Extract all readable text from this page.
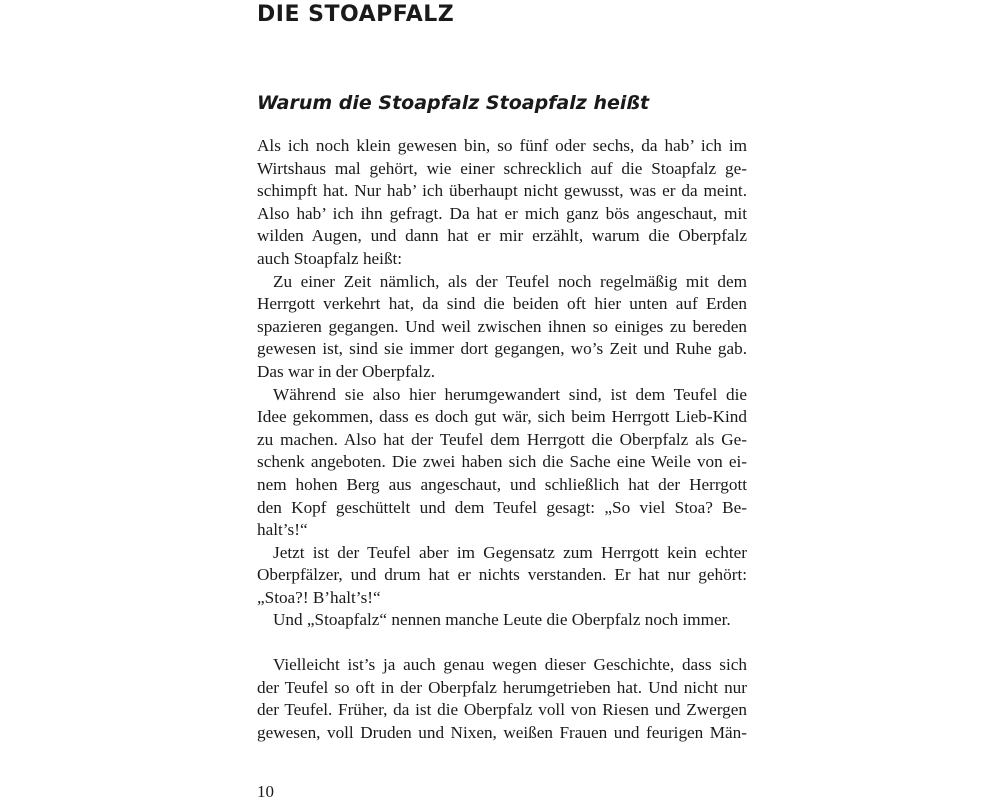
DIE STOAPFALZ
Warum die Stoapfalz Stoapfalz heißt
Als ich noch klein gewesen bin, so fünf oder sechs, da hab’ ich im
Wirtshaus mal gehört, wie einer schrecklich auf die Stoapfalz ge-
schimpft hat. Nur hab’ ich überhaupt nicht gewusst, was er da meint.
Also hab’ ich ihn gefragt. Da hat er mich ganz bös angeschaut, mit
wilden Augen, und dann hat er mir erzählt, warum die Oberpfalz
auch Stoapfalz heißt:
Zu einer Zeit nämlich, als der Teufel noch regelmäßig mit dem
Herrgott verkehrt hat, da sind die beiden oft hier unten auf Erden
spazieren gegangen. Und weil zwischen ihnen so einiges zu bereden
gewesen ist, sind sie immer dort gegangen, wo’s Zeit und Ruhe gab.
Das war in der Oberpfalz.
Während sie also hier herumgewandert sind, ist dem Teufel die
Idee gekommen, dass es doch gut wär, sich beim Herrgott Lieb-Kind
zu machen. Also hat der Teufel dem Herrgott die Oberpfalz als Ge-
schenk angeboten. Die zwei haben sich die Sache eine Weile von ei-
nem hohen Berg aus angeschaut, und schließlich hat der Herrgott
den Kopf geschüttelt und dem Teufel gesagt: „So viel Stoa? Be-
halt’s!“
Jetzt ist der Teufel aber im Gegensatz zum Herrgott kein echter
Oberpfälzer, und drum hat er nichts verstanden. Er hat nur gehört:
„Stoa?! B’halt’s!“
Und „Stoapfalz“ nennen manche Leute die Oberpfalz noch immer.
Vielleicht ist’s ja auch genau wegen dieser Geschichte, dass sich
der Teufel so oft in der Oberpfalz herumgetrieben hat. Und nicht nur
der Teufel. Früher, da ist die Oberpfalz voll von Riesen und Zwergen
gewesen, voll Druden und Nixen, weißen Frauen und feurigen Män-
10
